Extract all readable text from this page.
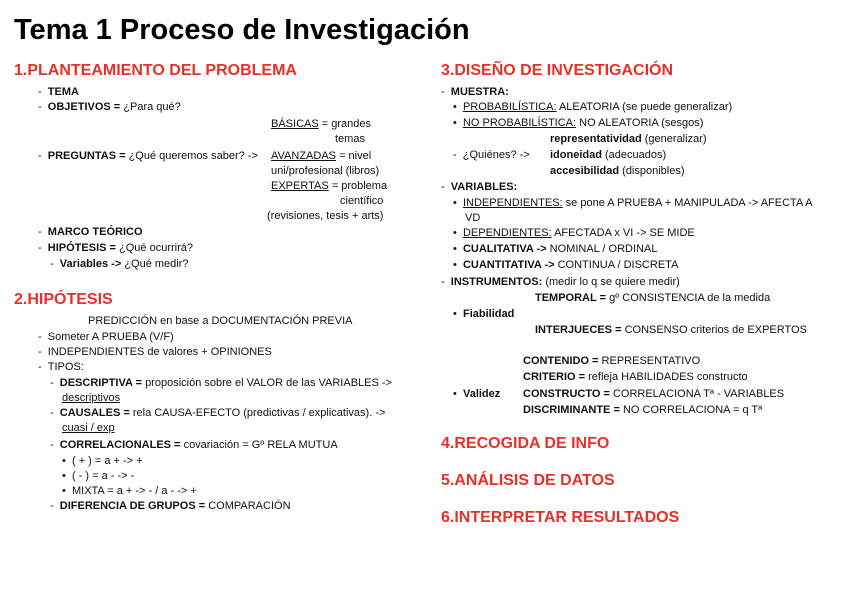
Tema 1 Proceso de Investigación
1.PLANTEAMIENTO DEL PROBLEMA
-  TEMA
-  OBJETIVOS = ¿Para qué?
BÁSICAS = grandes
temas
-  PREGUNTAS = ¿Qué queremos saber? -> AVANZADAS = nivel
uni/profesional (libros)
EXPERTAS = problema
científico
(revisiones, tesis + arts)
-  MARCO TEÓRICO
-  HIPÓTESIS = ¿Qué ocurrirá?
-  Variables -> ¿Qué medir?
2.HIPÓTESIS
PREDICCIÓN en base a DOCUMENTACIÓN PREVIA
-  Someter A PRUEBA (V/F)
-  INDEPENDIENTES de valores + OPINIONES
-  TIPOS:
-  DESCRIPTIVA = proposición sobre el VALOR de las VARIABLES ->
descriptivos
-  CAUSALES = rela CAUSA-EFECTO (predictivas / explicativas). ->
cuasi / exp
-  CORRELACIONALES = covariación = Gº RELA MUTUA
•  ( + ) = a + -> +
•  ( - ) = a - -> -
•  MIXTA = a + -> - / a - -> +
-  DIFERENCIA DE GRUPOS = COMPARACIÓN
3.DISEÑO DE INVESTIGACIÓN
-  MUESTRA:
•  PROBABILÍSTICA: ALEATORIA (se puede generalizar)
•  NO PROBABILÍSTICA: NO ALEATORIA (sesgos)
representatividad (generalizar)
-  ¿Quiénes? -> idoneidad (adecuados)
accesibilidad (disponibles)
-  VARIABLES:
•  INDEPENDIENTES: se pone A PRUEBA + MANIPULADA -> AFECTA A
VD
•  DEPENDIENTES: AFECTADA x VI -> SE MIDE
•  CUALITATIVA -> NOMINAL / ORDINAL
•  CUANTITATIVA -> CONTINUA / DISCRETA
-  INSTRUMENTOS: (medir lo q se quiere medir)
TEMPORAL = gº CONSISTENCIA de la medida
•  Fiabilidad
INTERJUECES = CONSENSO criterios de EXPERTOS
CONTENIDO = REPRESENTATIVO
CRITERIO = refleja HABILIDADES constructo
•  Validez CONSTRUCTO = CORRELACIONA Tª - VARIABLES
DISCRIMINANTE = NO CORRELACIONA = q Tª
4.RECOGIDA DE INFO
5.ANÁLISIS DE DATOS
6.INTERPRETAR RESULTADOS
